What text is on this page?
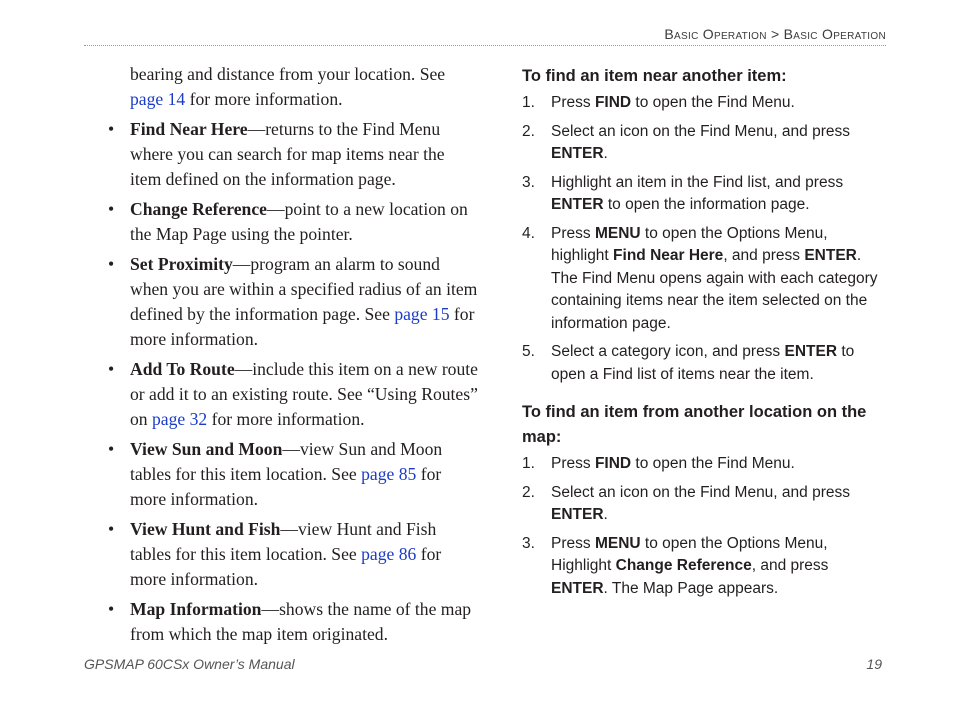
Basic Operation > Basic Operation

bearing and distance from your location. See page 14 for more information.

• Find Near Here—returns to the Find Menu where you can search for map items near the item defined on the information page.
• Change Reference—point to a new location on the Map Page using the pointer.
• Set Proximity—program an alarm to sound when you are within a specified radius of an item defined by the information page. See page 15 for more information.
• Add To Route—include this item on a new route or add it to an existing route. See “Using Routes” on page 32 for more information.
• View Sun and Moon—view Sun and Moon tables for this item location. See page 85 for more information.
• View Hunt and Fish—view Hunt and Fish tables for this item location. See page 86 for more information.
• Map Information—shows the name of the map from which the map item originated.
To find an item near another item:
1. Press FIND to open the Find Menu.
2. Select an icon on the Find Menu, and press ENTER.
3. Highlight an item in the Find list, and press ENTER to open the information page.
4. Press MENU to open the Options Menu, highlight Find Near Here, and press ENTER. The Find Menu opens again with each category containing items near the item selected on the information page.
5. Select a category icon, and press ENTER to open a Find list of items near the item.
To find an item from another location on the map:
1. Press FIND to open the Find Menu.
2. Select an icon on the Find Menu, and press ENTER.
3. Press MENU to open the Options Menu, Highlight Change Reference, and press ENTER. The Map Page appears.
GPSMAP 60CSx Owner’s Manual	19
